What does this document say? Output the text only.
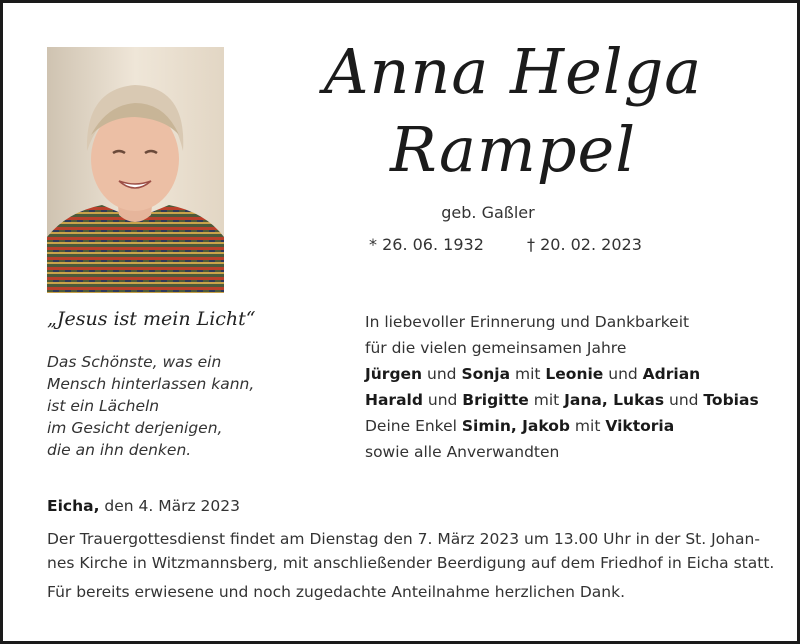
Anna Helga
Rampel
geb. Gaßler
* 26. 06. 1932	† 20. 02. 2023
„Jesus ist mein Licht“
Das Schönste, was ein
Mensch hinterlassen kann,
ist ein Lächeln
im Gesicht derjenigen,
die an ihn denken.
In liebevoller Erinnerung und Dankbarkeit
für die vielen gemeinsamen Jahre
Jürgen und Sonja mit Leonie und Adrian
Harald und Brigitte mit Jana, Lukas und Tobias
Deine Enkel Simin, Jakob mit Viktoria
sowie alle Anverwandten
Eicha, den 4. März 2023
Der Trauergottesdienst findet am Dienstag den 7. März 2023 um 13.00 Uhr in der St. Johan-
nes Kirche in Witzmannsberg, mit anschließender Beerdigung auf dem Friedhof in Eicha statt.
Für bereits erwiesene und noch zugedachte Anteilnahme herzlichen Dank.
